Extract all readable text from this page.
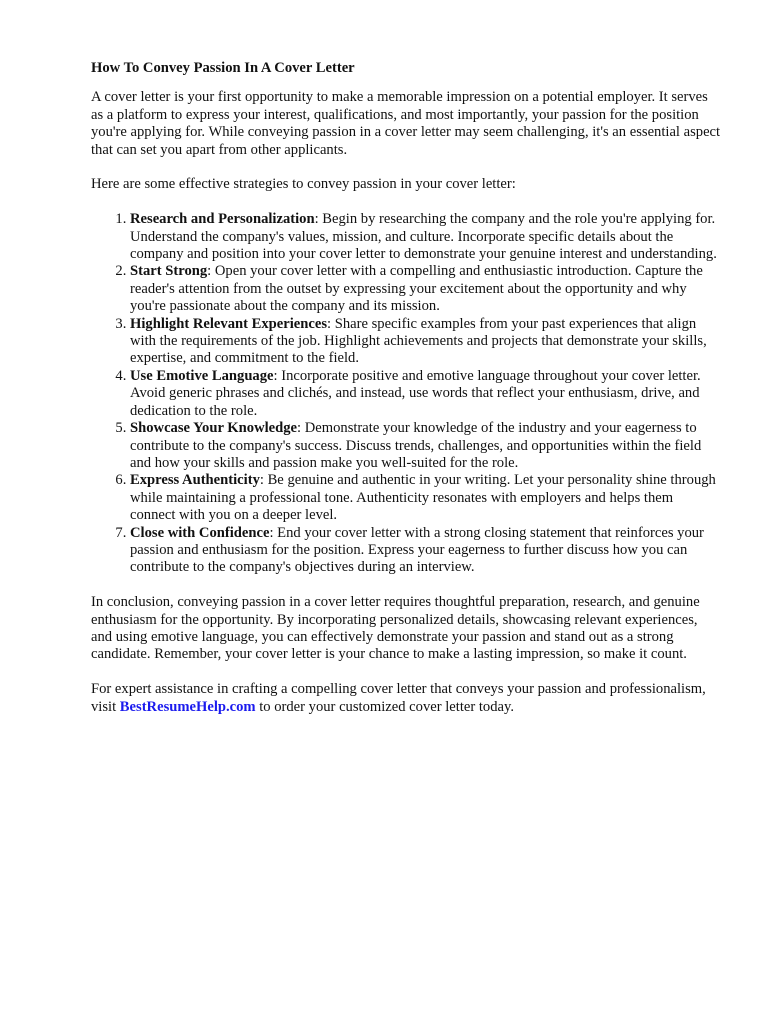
How To Convey Passion In A Cover Letter

A cover letter is your first opportunity to make a memorable impression on a potential employer. It serves as a platform to express your interest, qualifications, and most importantly, your passion for the position you're applying for. While conveying passion in a cover letter may seem challenging, it's an essential aspect that can set you apart from other applicants.

Here are some effective strategies to convey passion in your cover letter:

1. Research and Personalization: Begin by researching the company and the role you're applying for. Understand the company's values, mission, and culture. Incorporate specific details about the company and position into your cover letter to demonstrate your genuine interest and understanding.
2. Start Strong: Open your cover letter with a compelling and enthusiastic introduction. Capture the reader's attention from the outset by expressing your excitement about the opportunity and why you're passionate about the company and its mission.
3. Highlight Relevant Experiences: Share specific examples from your past experiences that align with the requirements of the job. Highlight achievements and projects that demonstrate your skills, expertise, and commitment to the field.
4. Use Emotive Language: Incorporate positive and emotive language throughout your cover letter. Avoid generic phrases and clichés, and instead, use words that reflect your enthusiasm, drive, and dedication to the role.
5. Showcase Your Knowledge: Demonstrate your knowledge of the industry and your eagerness to contribute to the company's success. Discuss trends, challenges, and opportunities within the field and how your skills and passion make you well-suited for the role.
6. Express Authenticity: Be genuine and authentic in your writing. Let your personality shine through while maintaining a professional tone. Authenticity resonates with employers and helps them connect with you on a deeper level.
7. Close with Confidence: End your cover letter with a strong closing statement that reinforces your passion and enthusiasm for the position. Express your eagerness to further discuss how you can contribute to the company's objectives during an interview.

In conclusion, conveying passion in a cover letter requires thoughtful preparation, research, and genuine enthusiasm for the opportunity. By incorporating personalized details, showcasing relevant experiences, and using emotive language, you can effectively demonstrate your passion and stand out as a strong candidate. Remember, your cover letter is your chance to make a lasting impression, so make it count.

For expert assistance in crafting a compelling cover letter that conveys your passion and professionalism, visit BestResumeHelp.com to order your customized cover letter today.
